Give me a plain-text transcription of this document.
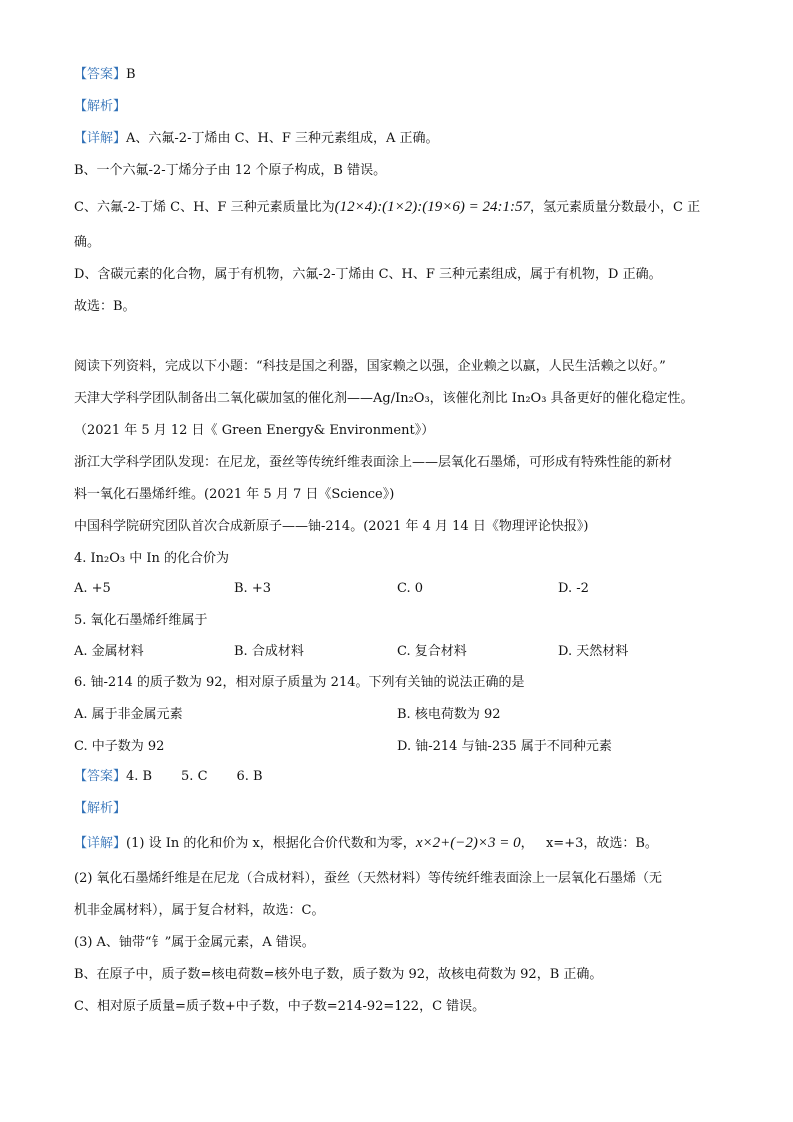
【答案】B
【解析】
【详解】A、六氟-2-丁烯由 C、H、F 三种元素组成，A 正确。
B、一个六氟-2-丁烯分子由 12 个原子构成，B 错误。
C、六氟-2-丁烯 C、H、F 三种元素质量比为(12×4):(1×2):(19×6) = 24:1:57，氢元素质量分数最小，C 正
确。
D、含碳元素的化合物，属于有机物，六氟-2-丁烯由 C、H、F 三种元素组成，属于有机物，D 正确。
故选：B。
阅读下列资料，完成以下小题：“科技是国之利器，国家赖之以强，企业赖之以赢，人民生活赖之以好。”
天津大学科学团队制备出二氧化碳加氢的催化剂——Ag/In₂O₃，该催化剂比 In₂O₃ 具备更好的催化稳定性。
（2021 年 5 月 12 日《 Green Energy& Environment》）
浙江大学科学团队发现：在尼龙，蚕丝等传统纤维表面涂上——层氧化石墨烯，可形成有特殊性能的新材
料一氧化石墨烯纤维。(2021 年 5 月 7 日《Science》)
中国科学院研究团队首次合成新原子——铀-214。(2021 年 4 月 14 日《物理评论快报》)
4. In₂O₃ 中 In 的化合价为
A. +5	B. +3	C. 0	D. -2
5. 氧化石墨烯纤维属于
A. 金属材料	B. 合成材料	C. 复合材料	D. 天然材料
6. 铀-214 的质子数为 92，相对原子质量为 214。下列有关铀的说法正确的是
A. 属于非金属元素	B. 核电荷数为 92
C. 中子数为 92	D. 铀-214 与铀-235 属于不同种元素
【答案】4. B       5. C       6. B
【解析】
【详解】(1) 设 In 的化和价为 x，根据化合价代数和为零，x×2+(−2)×3 = 0，   x=+3，故选：B。
(2) 氧化石墨烯纤维是在尼龙（合成材料），蚕丝（天然材料）等传统纤维表面涂上一层氧化石墨烯（无
机非金属材料），属于复合材料，故选：C。
(3) A、铀带“钅”属于金属元素，A 错误。
B、在原子中，质子数=核电荷数=核外电子数，质子数为 92，故核电荷数为 92，B 正确。
C、相对原子质量=质子数+中子数，中子数=214-92=122，C 错误。
